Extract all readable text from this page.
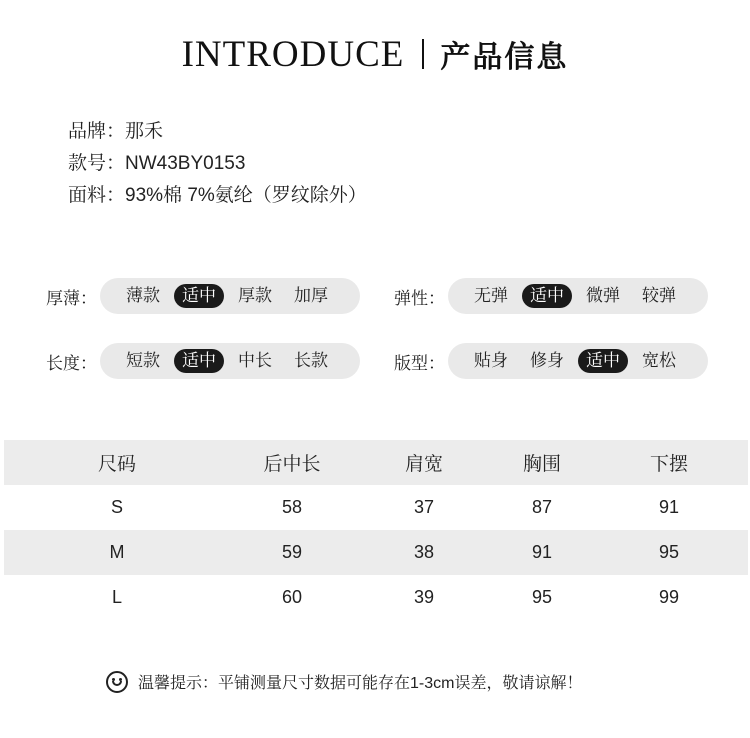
INTRODUCE 产品信息
品牌：那禾
款号：NW43BY0153
面料：93%棉 7%氨纶（罗纹除外）
厚薄：	薄款	适中	厚款	加厚	弹性：	无弹	适中	微弹	较弹
长度：	短款	适中	中长	长款	版型：	贴身	修身	适中	宽松
尺码	后中长	肩宽	胸围	下摆
S	58	37	87	91
M	59	38	91	95
L	60	39	95	99
温馨提示：平铺测量尺寸数据可能存在1-3cm误差，敬请谅解！
